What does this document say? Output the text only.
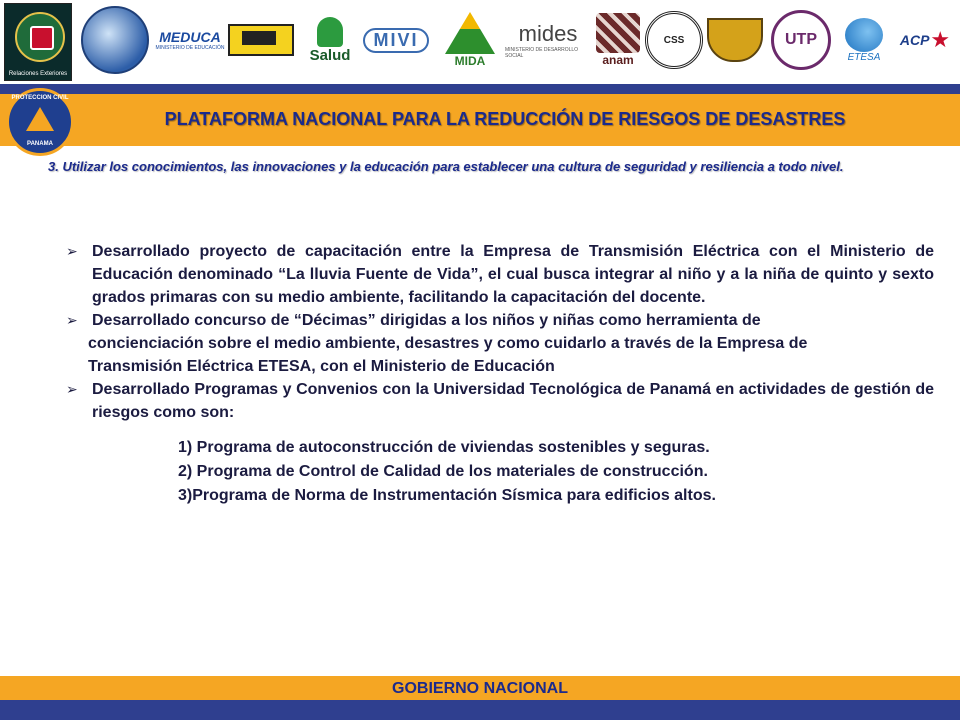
Relaciones Exteriores
MEDUCA
MINISTERIO DE EDUCACIÓN	Salud
MIVI
MIDA
mides
MINISTERIO DE DESARROLLO SOCIAL	anam
CSS	UTP
ETESA
ACP ★
PROTECCION CIVIL
PANAMA
PLATAFORMA NACIONAL PARA LA REDUCCIÓN DE RIESGOS DE DESASTRES
3. Utilizar los conocimientos, las innovaciones y la educación para establecer una cultura de seguridad y resiliencia a todo nivel.
➢ Desarrollado proyecto de capacitación entre la Empresa de Transmisión Eléctrica con el Ministerio de Educación denominado “La lluvia Fuente de Vida”, el cual busca integrar al niño y a la niña de quinto y sexto grados primaras con su medio ambiente, facilitando la capacitación del docente.
➢ Desarrollado concurso de “Décimas” dirigidas a los niños y niñas como herramienta de
concienciación sobre el medio ambiente, desastres y como cuidarlo a través de la Empresa de
Transmisión Eléctrica ETESA, con el Ministerio de Educación
➢ Desarrollado Programas y Convenios con la Universidad Tecnológica de Panamá en actividades de gestión de riesgos como son:
1) Programa de autoconstrucción de viviendas sostenibles y seguras.
2) Programa de Control de Calidad de los materiales de construcción.
3)Programa de Norma de Instrumentación Sísmica para edificios altos.
GOBIERNO NACIONAL
